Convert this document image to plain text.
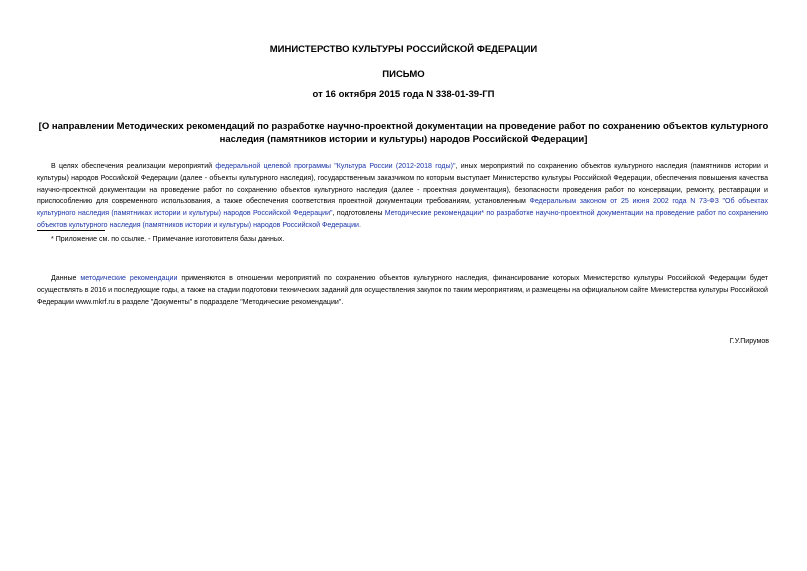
МИНИСТЕРСТВО КУЛЬТУРЫ РОССИЙСКОЙ ФЕДЕРАЦИИ
ПИСЬМО
от 16 октября 2015 года N 338-01-39-ГП
[О направлении Методических рекомендаций по разработке научно-проектной документации на проведение работ по сохранению объектов культурного наследия (памятников истории и культуры) народов Российской Федерации]
В целях обеспечения реализации мероприятий федеральной целевой программы "Культура России (2012-2018 годы)", иных мероприятий по сохранению объектов культурного наследия (памятников истории и культуры) народов Российской Федерации (далее - объекты культурного наследия), государственным заказчиком по которым выступает Министерство культуры Российской Федерации, обеспечения повышения качества научно-проектной документации на проведение работ по сохранению объектов культурного наследия (далее - проектная документация), безопасности проведения работ по консервации, ремонту, реставрации и приспособлению для современного использования, а также обеспечения соответствия проектной документации требованиям, установленным Федеральным законом от 25 июня 2002 года N 73-ФЗ "Об объектах культурного наследия (памятниках истории и культуры) народов Российской Федерации", подготовлены Методические рекомендации* по разработке научно-проектной документации на проведение работ по сохранению объектов культурного наследия (памятников истории и культуры) народов Российской Федерации.
* Приложение см. по ссылке. - Примечание изготовителя базы данных.
Данные методические рекомендации применяются в отношении мероприятий по сохранению объектов культурного наследия, финансирование которых Министерство культуры Российской Федерации будет осуществлять в 2016 и последующие годы, а также на стадии подготовки технических заданий для осуществления закупок по таким мероприятиям, и размещены на официальном сайте Министерства культуры Российской Федерации www.mkrf.ru в разделе "Документы" в подразделе "Методические рекомендации".
Г.У.Пирумов
